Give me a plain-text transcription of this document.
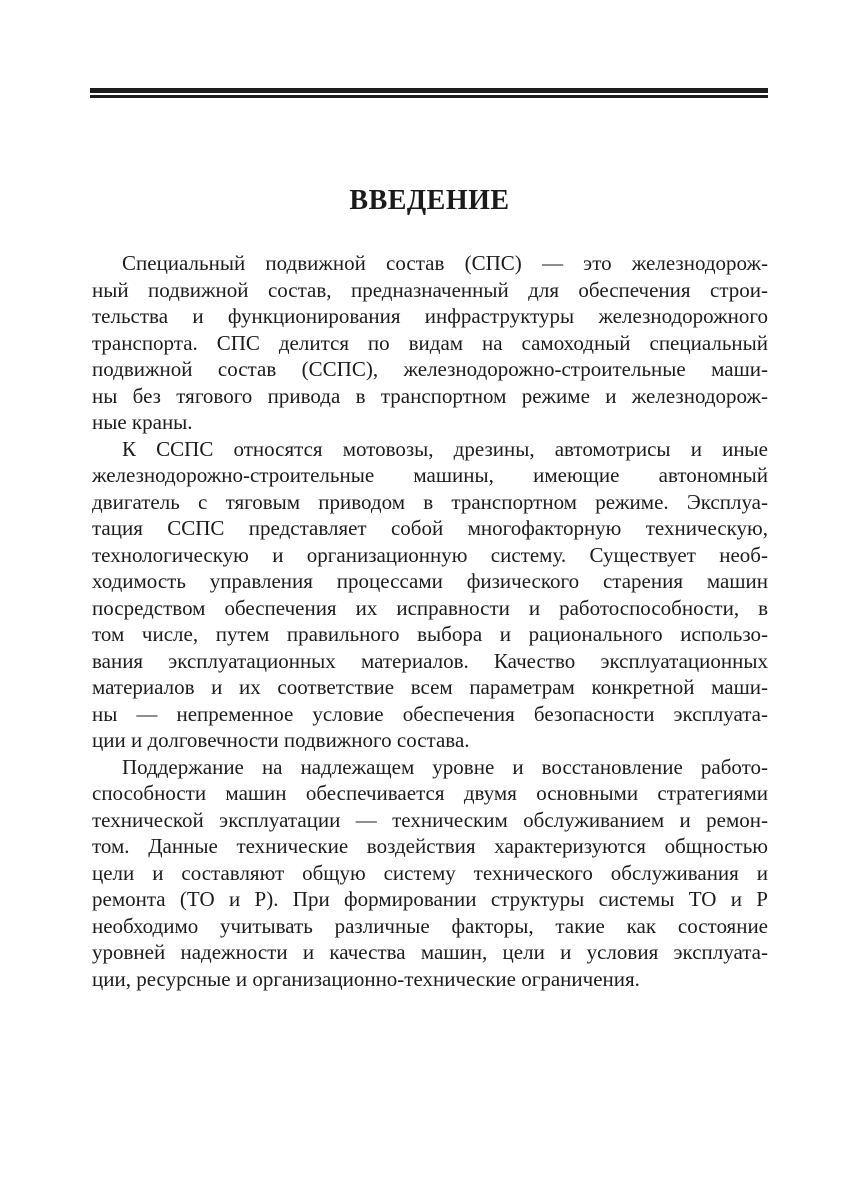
ВВЕДЕНИЕ

Специальный подвижной состав (СПС) — это железнодорож-
ный подвижной состав, предназначенный для обеспечения строи-
тельства и функционирования инфраструктуры железнодорожного
транспорта. СПС делится по видам на самоходный специальный
подвижной состав (ССПС), железнодорожно-строительные маши-
ны без тягового привода в транспортном режиме и железнодорож-
ные краны.

К ССПС относятся мотовозы, дрезины, автомотрисы и иные
железнодорожно-строительные машины, имеющие автономный
двигатель с тяговым приводом в транспортном режиме. Эксплуа-
тация ССПС представляет собой многофакторную техническую,
технологическую и организационную систему. Существует необ-
ходимость управления процессами физического старения машин
посредством обеспечения их исправности и работоспособности, в
том числе, путем правильного выбора и рационального использо-
вания эксплуатационных материалов. Качество эксплуатационных
материалов и их соответствие всем параметрам конкретной маши-
ны — непременное условие обеспечения безопасности эксплуата-
ции и долговечности подвижного состава.

Поддержание на надлежащем уровне и восстановление работо-
способности машин обеспечивается двумя основными стратегиями
технической эксплуатации — техническим обслуживанием и ремон-
том. Данные технические воздействия характеризуются общностью
цели и составляют общую систему технического обслуживания и
ремонта (ТО и Р). При формировании структуры системы ТО и Р
необходимо учитывать различные факторы, такие как состояние
уровней надежности и качества машин, цели и условия эксплуата-
ции, ресурсные и организационно-технические ограничения.
